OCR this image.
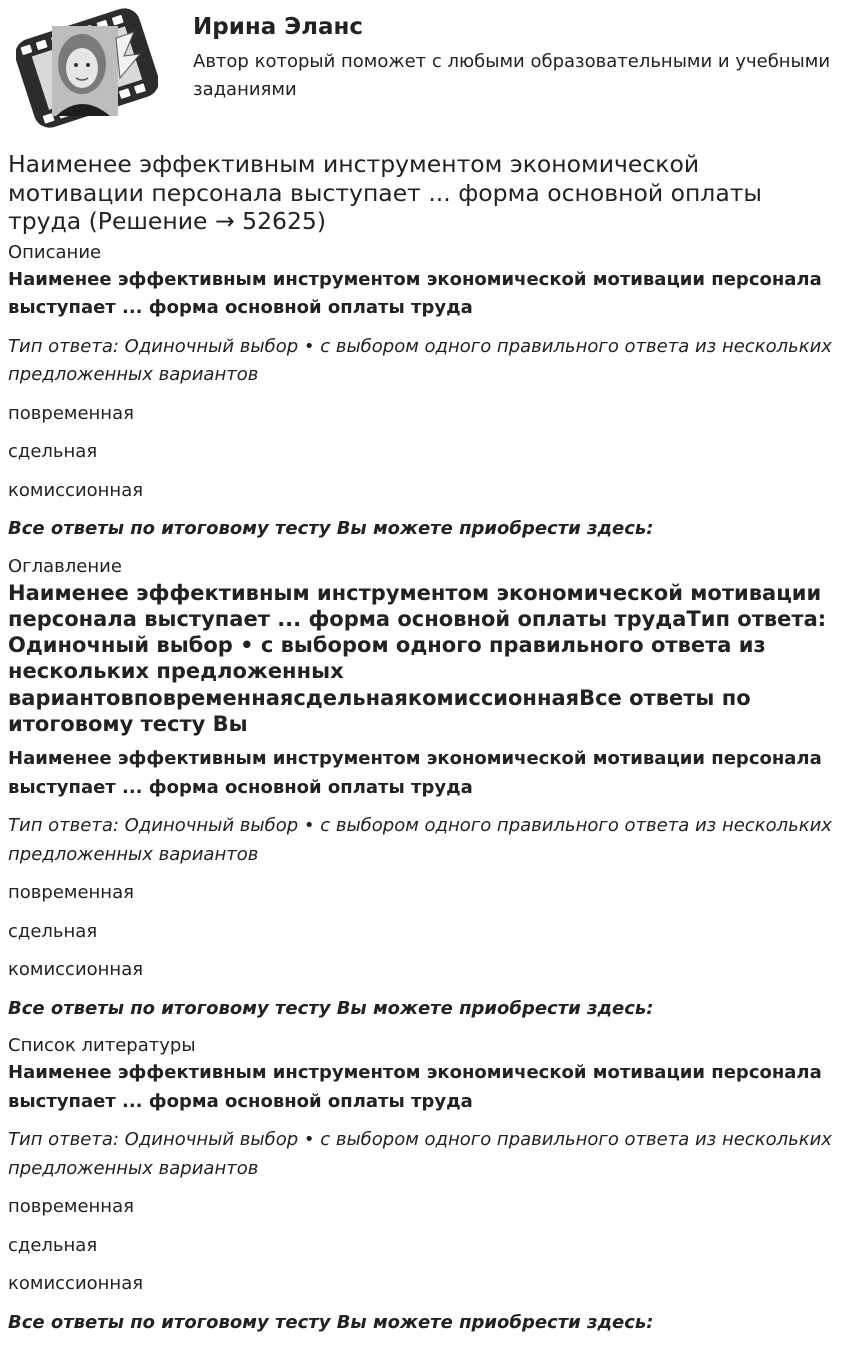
Ирина Эланс

Автор который поможет с любыми образовательными и учебными заданиями

Наименее эффективным инструментом экономической мотивации персонала выступает ... форма основной оплаты труда (Решение → 52625)

Описание

Наименее эффективным инструментом экономической мотивации персонала выступает ... форма основной оплаты труда

Тип ответа: Одиночный выбор • с выбором одного правильного ответа из нескольких предложенных вариантов

повременная

сдельная

комиссионная

Все ответы по итоговому тесту Вы можете приобрести здесь:

Оглавление

Наименее эффективным инструментом экономической мотивации персонала выступает ... форма основной оплаты трудаТип ответа: Одиночный выбор • с выбором одного правильного ответа из нескольких предложенных вариантовповременнаясдельнаякомиссионнаяВсе ответы по итоговому тесту Вы

Наименее эффективным инструментом экономической мотивации персонала выступает ... форма основной оплаты труда

Тип ответа: Одиночный выбор • с выбором одного правильного ответа из нескольких предложенных вариантов

повременная

сдельная

комиссионная

Все ответы по итоговому тесту Вы можете приобрести здесь:

Список литературы

Наименее эффективным инструментом экономической мотивации персонала выступает ... форма основной оплаты труда

Тип ответа: Одиночный выбор • с выбором одного правильного ответа из нескольких предложенных вариантов

повременная

сдельная

комиссионная

Все ответы по итоговому тесту Вы можете приобрести здесь:
